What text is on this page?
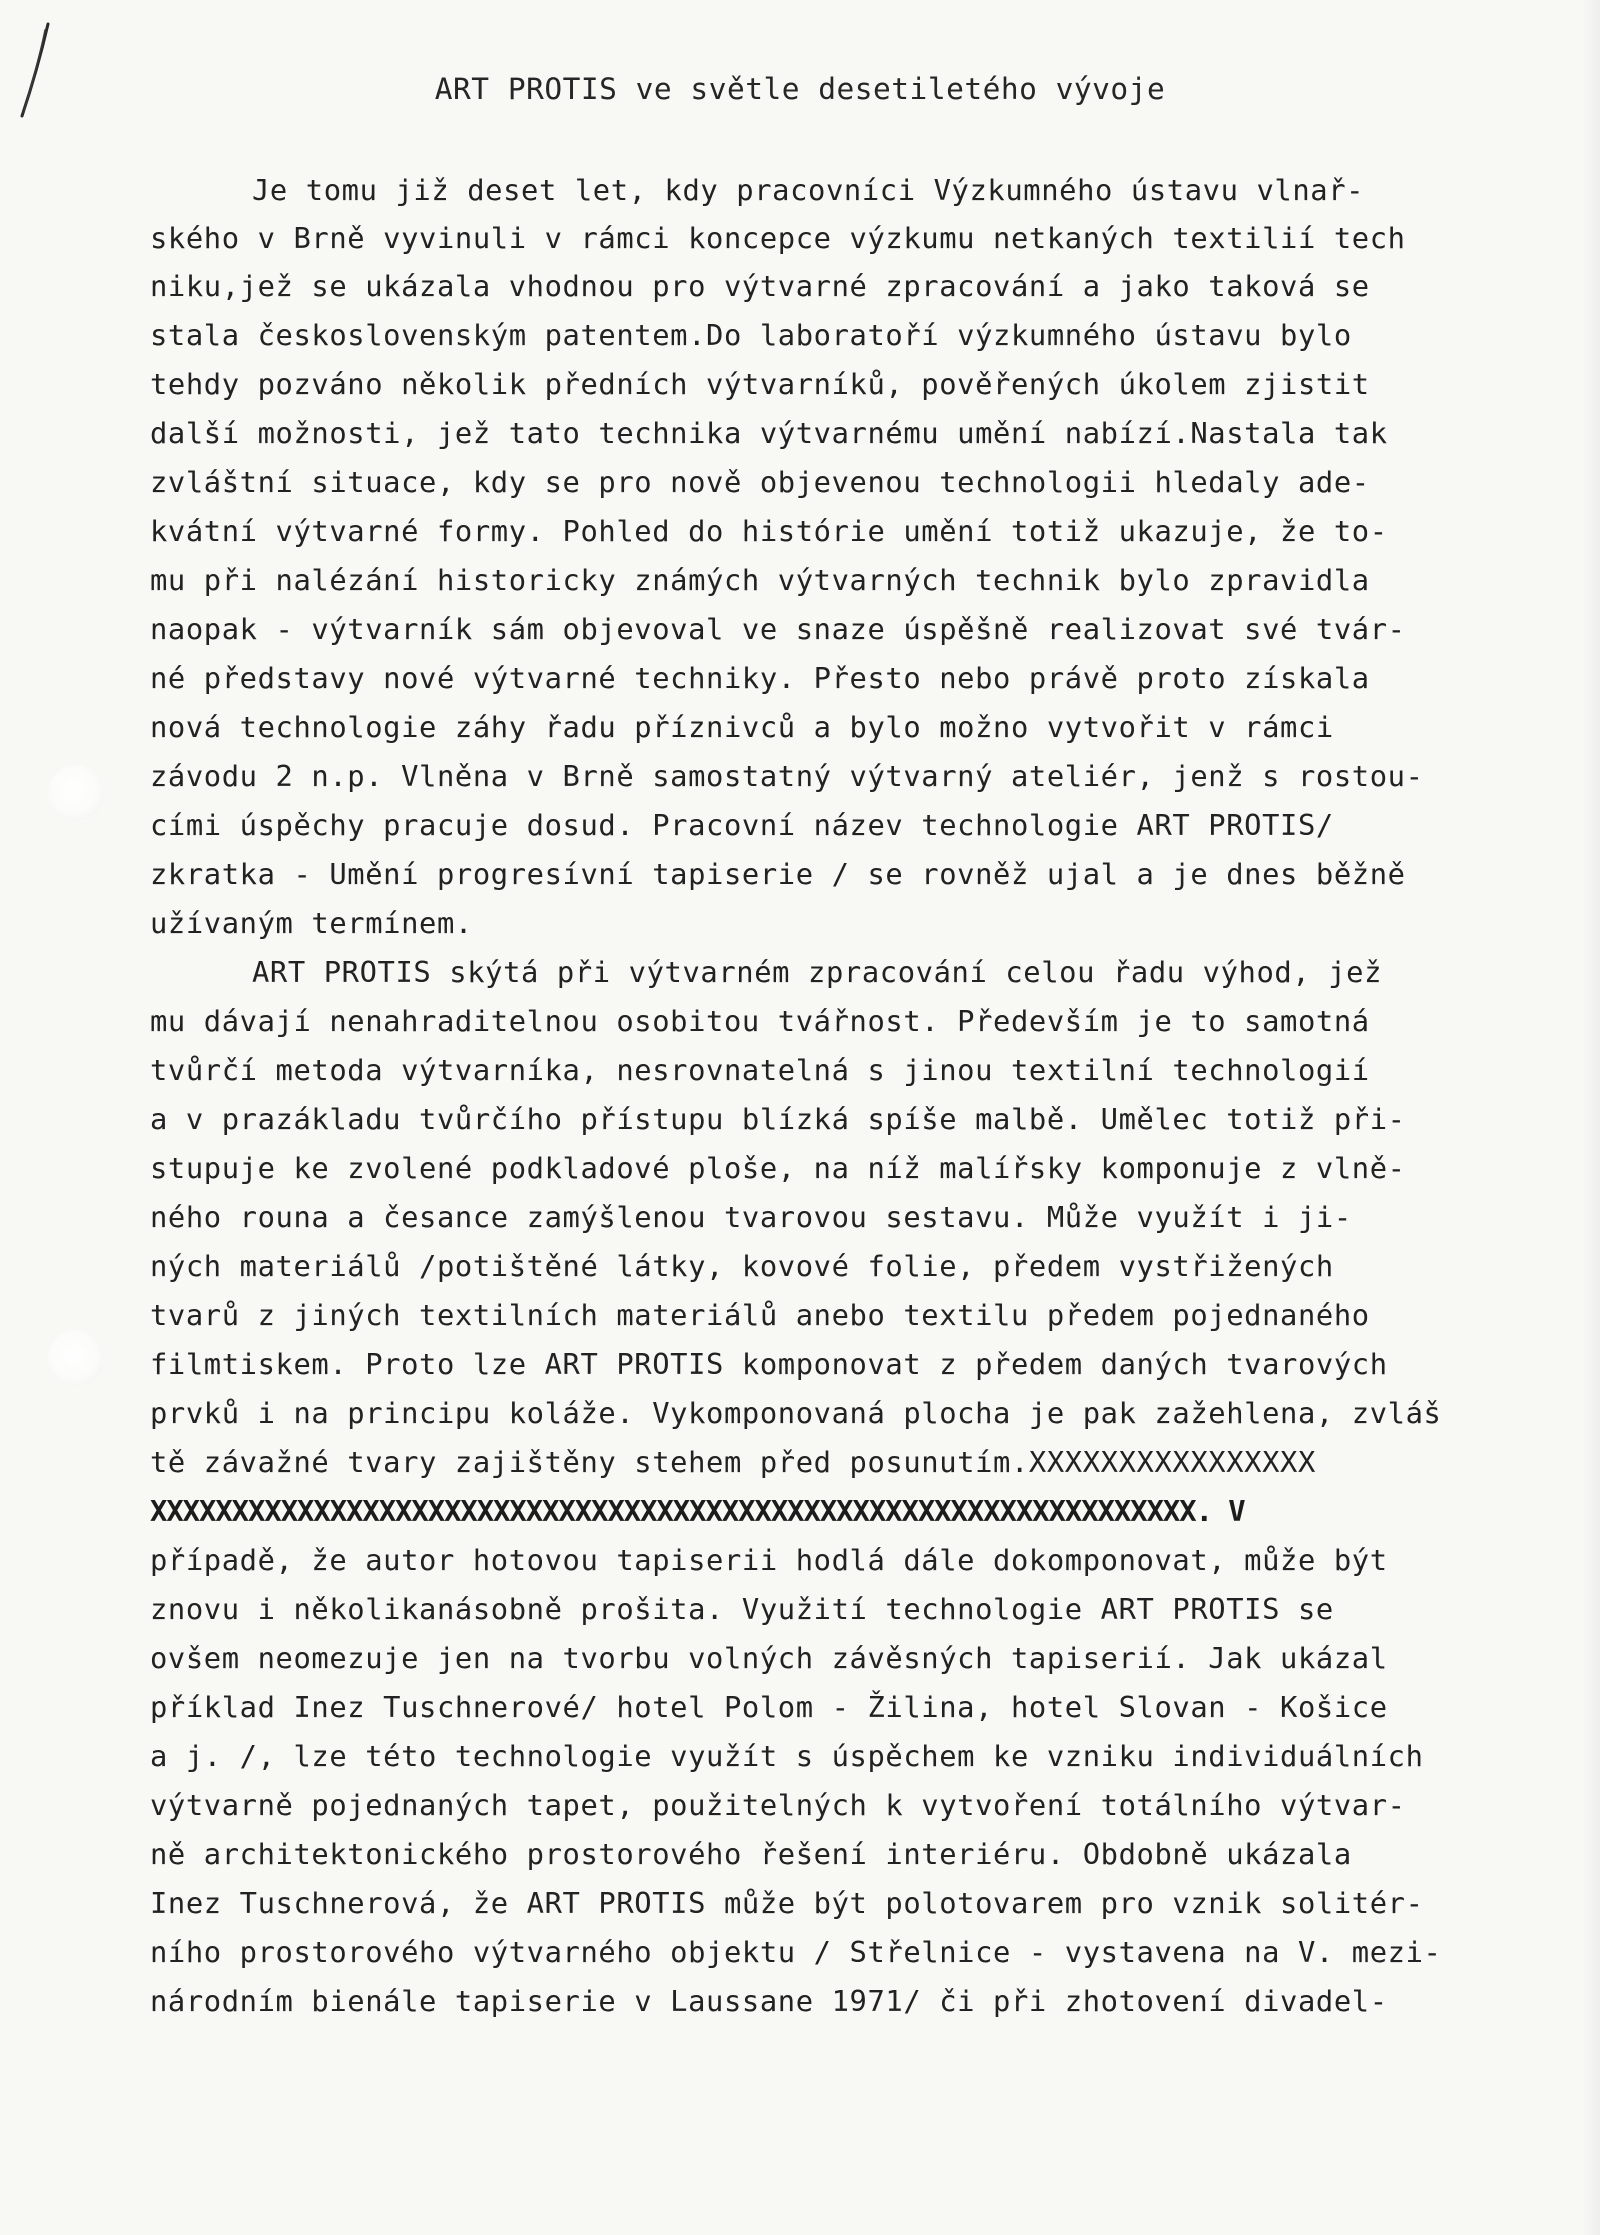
ART PROTIS ve světle desetiletého vývoje
Je tomu již deset let, kdy pracovníci Výzkumného ústavu vlnař-
ského v Brně vyvinuli v rámci koncepce výzkumu netkaných textilií tech
niku,jež se ukázala vhodnou pro výtvarné zpracování a jako taková se
stala československým patentem.Do laboratoří výzkumného ústavu bylo
tehdy pozváno několik předních výtvarníků, pověřených úkolem zjistit
další možnosti, jež tato technika výtvarnému umění nabízí.Nastala tak
zvláštní situace, kdy se pro nově objevenou technologii hledaly ade-
kvátní výtvarné formy. Pohled do histórie umění totiž ukazuje, že to-
mu při nalézání historicky známých výtvarných technik bylo zpravidla
naopak - výtvarník sám objevoval ve snaze úspěšně realizovat své tvár-
né představy nové výtvarné techniky. Přesto nebo právě proto získala
nová technologie záhy řadu příznivců a bylo možno vytvořit v rámci
závodu 2 n.p. Vlněna v Brně samostatný výtvarný ateliér, jenž s rostou-
cími úspěchy pracuje dosud. Pracovní název technologie ART PROTIS/
zkratka - Umění progresívní tapiserie / se rovněž ujal a je dnes běžně
užívaným termínem.
ART PROTIS skýtá při výtvarném zpracování celou řadu výhod, jež
mu dávají nenahraditelnou osobitou tvářnost. Především je to samotná
tvůrčí metoda výtvarníka, nesrovnatelná s jinou textilní technologií
a v prazákladu tvůrčího přístupu blízká spíše malbě. Umělec totiž při-
stupuje ke zvolené podkladové ploše, na níž malířsky komponuje z vlně-
ného rouna a česance zamýšlenou tvarovou sestavu. Může využít i ji-
ných materiálů /potištěné látky, kovové folie, předem vystřižených
tvarů z jiných textilních materiálů anebo textilu předem pojednaného
filmtiskem. Proto lze ART PROTIS komponovat z předem daných tvarových
prvků i na principu koláže. Vykomponovaná plocha je pak zažehlena, zvláš
tě závažné tvary zajištěny stehem před posunutím.XXXXXXXXXXXXXXXX
XXXXXXXXXXXXXXXXXXXXXXXXXXXXXXXXXXXXXXXXXXXXXXXXXXXXXXXXXXXXXXXX. V
případě, že autor hotovou tapiserii hodlá dále dokomponovat, může být
znovu i několikanásobně prošita. Využití technologie ART PROTIS se
ovšem neomezuje jen na tvorbu volných závěsných tapiserií. Jak ukázal
příklad Inez Tuschnerové/ hotel Polom - Žilina, hotel Slovan - Košice
a j. /, lze této technologie využít s úspěchem ke vzniku individuálních
výtvarně pojednaných tapet, použitelných k vytvoření totálního výtvar-
ně architektonického prostorového řešení interiéru. Obdobně ukázala
Inez Tuschnerová, že ART PROTIS může být polotovarem pro vznik solitér-
ního prostorového výtvarného objektu / Střelnice - vystavena na V. mezi-
národním bienále tapiserie v Laussane 1971/ či při zhotovení divadel-
